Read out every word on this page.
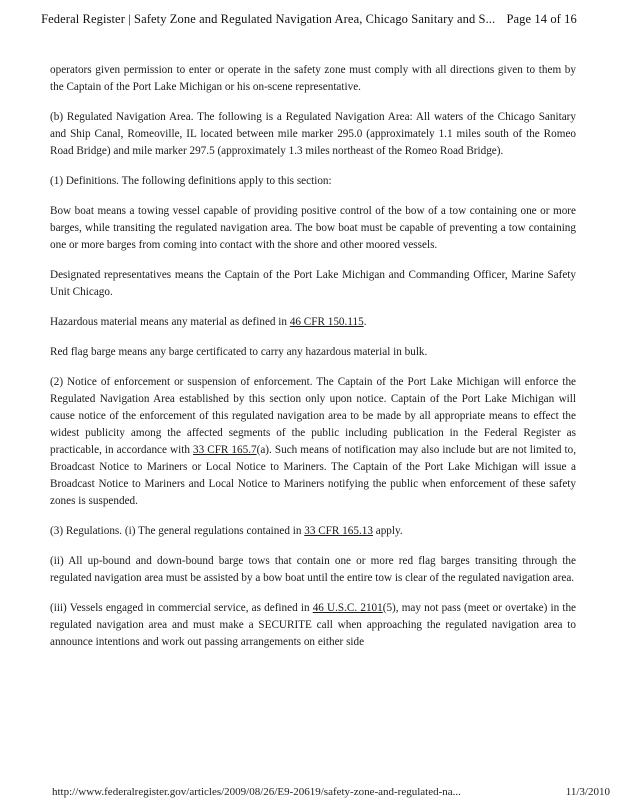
Federal Register | Safety Zone and Regulated Navigation Area, Chicago Sanitary and S... Page 14 of 16

operators given permission to enter or operate in the safety zone must comply with all directions given to them by the Captain of the Port Lake Michigan or his on-scene representative.

(b) Regulated Navigation Area. The following is a Regulated Navigation Area: All waters of the Chicago Sanitary and Ship Canal, Romeoville, IL located between mile marker 295.0 (approximately 1.1 miles south of the Romeo Road Bridge) and mile marker 297.5 (approximately 1.3 miles northeast of the Romeo Road Bridge).

(1) Definitions. The following definitions apply to this section:

Bow boat means a towing vessel capable of providing positive control of the bow of a tow containing one or more barges, while transiting the regulated navigation area. The bow boat must be capable of preventing a tow containing one or more barges from coming into contact with the shore and other moored vessels.

Designated representatives means the Captain of the Port Lake Michigan and Commanding Officer, Marine Safety Unit Chicago.

Hazardous material means any material as defined in 46 CFR 150.115.

Red flag barge means any barge certificated to carry any hazardous material in bulk.

(2) Notice of enforcement or suspension of enforcement. The Captain of the Port Lake Michigan will enforce the Regulated Navigation Area established by this section only upon notice. Captain of the Port Lake Michigan will cause notice of the enforcement of this regulated navigation area to be made by all appropriate means to effect the widest publicity among the affected segments of the public including publication in the Federal Register as practicable, in accordance with 33 CFR 165.7(a). Such means of notification may also include but are not limited to, Broadcast Notice to Mariners or Local Notice to Mariners. The Captain of the Port Lake Michigan will issue a Broadcast Notice to Mariners and Local Notice to Mariners notifying the public when enforcement of these safety zones is suspended.

(3) Regulations. (i) The general regulations contained in 33 CFR 165.13 apply.

(ii) All up-bound and down-bound barge tows that contain one or more red flag barges transiting through the regulated navigation area must be assisted by a bow boat until the entire tow is clear of the regulated navigation area.

(iii) Vessels engaged in commercial service, as defined in 46 U.S.C. 2101(5), may not pass (meet or overtake) in the regulated navigation area and must make a SECURITE call when approaching the regulated navigation area to announce intentions and work out passing arrangements on either side

http://www.federalregister.gov/articles/2009/08/26/E9-20619/safety-zone-and-regulated-na...	11/3/2010
